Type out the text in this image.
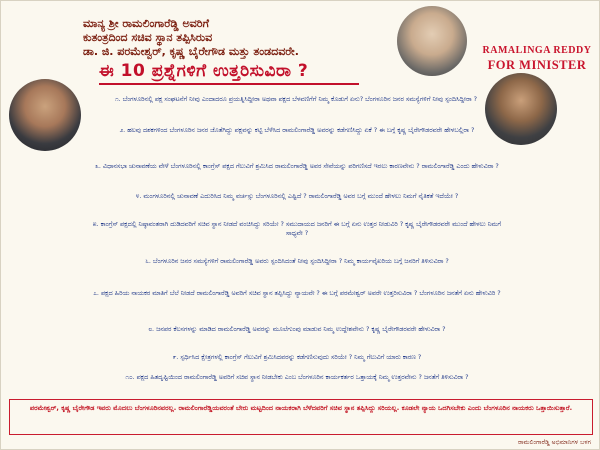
ಮಾನ್ಯ ಶ್ರೀ ರಾಮಲಿಂಗಾರೆಡ್ಡಿ ಅವರಿಗೆ
ಕುತಂತ್ರದಿಂದ ಸಚಿವ ಸ್ಥಾನ ತಪ್ಪಿಸಿರುವ
ಡಾ. ಜಿ. ಪರಮೇಶ್ವರ್, ಕೃಷ್ಣ ಬೈರೇಗೌಡ ಮತ್ತು ತಂಡದವರೇ.
ಈ 10 ಪ್ರಶ್ನೆಗಳಿಗೆ ಉತ್ತರಿಸುವಿರಾ ?
RAMALINGA REDDY
FOR MINISTER

೧. ಬೆಂಗಳೂರಿನಲ್ಲಿ ಪಕ್ಷ ಸಂಘಟನೆಗೆ ನೀವು ಎಂದಾದರೂ ಪ್ರಯತ್ನಿಸಿದ್ದೀರಾ ಅಥವಾ ಪಕ್ಷದ ಬೆಳವಣಿಗೆಗೆ ನಿಮ್ಮ ಕೊಡುಗೆ ಏನು? ಬೆಂಗಳೂರಿನ ಜನರ ಸಮಸ್ಯೆಗಳಿಗೆ ನೀವು ಸ್ಪಂದಿಸಿದ್ದೀರಾ ?

೨. ಹಲವು ದಶಕಗಳಿಂದ ಬೆಂಗಳೂರಿನ ಜನರ ಜೊತೆಗಿದ್ದು ಪಕ್ಷವನ್ನು ಕಟ್ಟಿ ಬೆಳೆಸಿದ ರಾಮಲಿಂಗಾರೆಡ್ಡಿ ಅವರನ್ನು ಕಡೆಗಣಿಸಿದ್ದು ಏಕೆ ? ಈ ಬಗ್ಗೆ ಕೃಷ್ಣ ಬೈರೇಗೌಡರವರೇ ಹೇಳಬಲ್ಲಿರಾ ?

೩. ವಿಧಾನಸಭಾ ಚುನಾವಣೆಯ ವೇಳೆ ಬೆಂಗಳೂರಿನಲ್ಲಿ ಕಾಂಗ್ರೆಸ್ ಪಕ್ಷದ ಗೆಲುವಿಗೆ ಶ್ರಮಿಸಿದ ರಾಮಲಿಂಗಾರೆಡ್ಡಿ ಅವರ ಸೇವೆಯನ್ನು ಪರಿಗಣಿಸದೆ ಇರಲು ಕಾರಣವೇನು ? ರಾಮಲಿಂಗಾರೆಡ್ಡಿ ಎಂದು ಹೇಳುವಿರಾ ?

೪. ಮಂಗಳೂರಿನಲ್ಲಿ ಚುನಾವಣೆ ಎದುರಿಸಿದ ನಿಮ್ಮ ವರ್ಚಸ್ಸು ಬೆಂಗಳೂರಿನಲ್ಲಿ ಎಷ್ಟಿದೆ ? ರಾಮಲಿಂಗಾರೆಡ್ಡಿ ಅವರ ಬಗ್ಗೆ ಮುಂದೆ ಹೇಳಲು ನಿಮಗೆ ನೈತಿಕತೆ ಇದೆಯೇ ?

೫. ಕಾಂಗ್ರೆಸ್ ಪಕ್ಷದಲ್ಲಿ ನಿಷ್ಠಾವಂತರಾಗಿ ದುಡಿದವರಿಗೆ ಸಚಿವ ಸ್ಥಾನ ನೀಡದೆ ವಂಚಿಸಿದ್ದು ಸರಿಯೇ ? ಸಮುದಾಯದ ಜನರಿಗೆ ಈ ಬಗ್ಗೆ ಏನು ಉತ್ತರ ನೀಡುವಿರಿ ? ಕೃಷ್ಣ ಬೈರೇಗೌಡರವರೇ ಮುಂದೆ ಹೇಳಲು ನಿಮಗೆ ಸಾಧ್ಯವೇ ?

೬. ಬೆಂಗಳೂರಿನ ಜನರ ಸಮಸ್ಯೆಗಳಿಗೆ ರಾಮಲಿಂಗಾರೆಡ್ಡಿ ಅವರು ಸ್ಪಂದಿಸಿದಂತೆ ನೀವು ಸ್ಪಂದಿಸಿದ್ದೀರಾ ? ನಿಮ್ಮ ಕಾರ್ಯವೈಖರಿಯ ಬಗ್ಗೆ ಜನರಿಗೆ ತಿಳಿಸುವಿರಾ ?

೭. ಪಕ್ಷದ ಹಿರಿಯ ನಾಯಕರ ಮಾತಿಗೆ ಬೆಲೆ ನೀಡದೆ ರಾಮಲಿಂಗಾರೆಡ್ಡಿ ಅವರಿಗೆ ಸಚಿವ ಸ್ಥಾನ ತಪ್ಪಿಸಿದ್ದು ನ್ಯಾಯವೇ ? ಈ ಬಗ್ಗೆ ಪರಮೇಶ್ವರ್ ಅವರೇ ಉತ್ತರಿಸುವಿರಾ ? ಬೆಂಗಳೂರಿನ ಜನತೆಗೆ ಏನು ಹೇಳುವಿರಿ ?

೮. ಜನಪರ ಕೆಲಸಗಳನ್ನು ಮಾಡಿದ ರಾಮಲಿಂಗಾರೆಡ್ಡಿ ಅವರನ್ನು ಮೂಲೆಗುಂಪು ಮಾಡುವ ನಿಮ್ಮ ಉದ್ದೇಶವೇನು ? ಕೃಷ್ಣ ಬೈರೇಗೌಡರವರೇ ಹೇಳುವಿರಾ ?

೯. ಸ್ಪರ್ಧಿಸಿದ ಕ್ಷೇತ್ರಗಳಲ್ಲಿ ಕಾಂಗ್ರೆಸ್ ಗೆಲುವಿಗೆ ಶ್ರಮಿಸಿದವರನ್ನು ಕಡೆಗಣಿಸುವುದು ಸರಿಯೇ ? ನಿಮ್ಮ ಗೆಲುವಿಗೆ ಯಾರು ಕಾರಣ ?

೧೦. ಪಕ್ಷದ ಹಿತದೃಷ್ಟಿಯಿಂದ ರಾಮಲಿಂಗಾರೆಡ್ಡಿ ಅವರಿಗೆ ಸಚಿವ ಸ್ಥಾನ ನೀಡಬೇಕು ಎಂಬ ಬೆಂಗಳೂರಿನ ಕಾರ್ಯಕರ್ತರ ಒತ್ತಾಯಕ್ಕೆ ನಿಮ್ಮ ಉತ್ತರವೇನು ? ಜನತೆಗೆ ತಿಳಿಸುವಿರಾ ?

ಪರಮೇಶ್ವರ್, ಕೃಷ್ಣ ಬೈರೇಗೌಡ ಇವರು ಮೊದಲು ಬೆಂಗಳೂರಿನವರಲ್ಲ. ರಾಮಲಿಂಗಾರೆಡ್ಡಿಯವರಂತೆ ಬೇರು ಮಟ್ಟದಿಂದ ನಾಯಕರಾಗಿ ಬೆಳೆದವರಿಗೆ ಸಚಿವ ಸ್ಥಾನ ತಪ್ಪಿಸಿದ್ದು ಸರಿಯಲ್ಲ. ಕೂಡಲೇ ನ್ಯಾಯ ಒದಗಿಸಬೇಕು ಎಂದು ಬೆಂಗಳೂರಿನ ನಾಯಕರು ಒತ್ತಾಯಿಸುತ್ತಾರೆ.

ರಾಮಲಿಂಗಾರೆಡ್ಡಿ ಅಭಿಮಾನಿಗಳ ಬಳಗ
